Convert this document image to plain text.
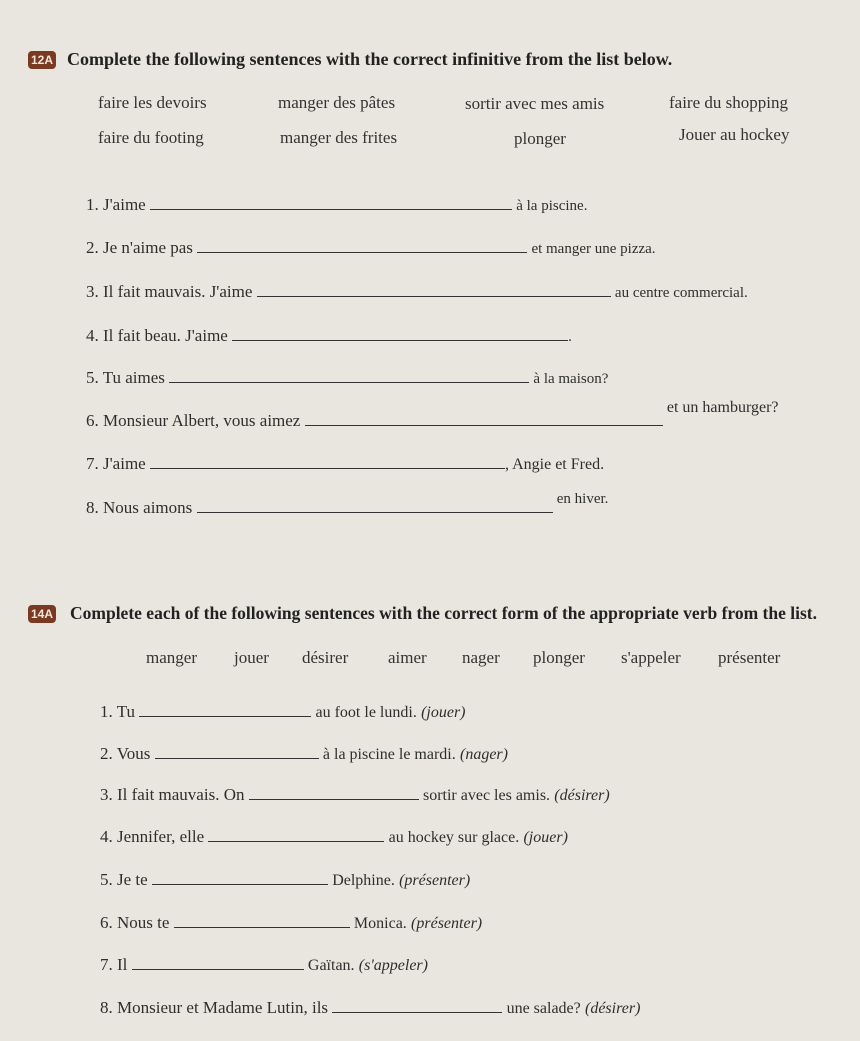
12A Complete the following sentences with the correct infinitive from the list below.
faire les devoirs	manger des pâtes	sortir avec mes amis	faire du shopping
faire du footing	manger des frites	plonger	Jouer au hockey
1. J'aime	à la piscine.
2. Je n'aime pas	et manger une pizza.
3. Il fait mauvais. J'aime	au centre commercial.
4. Il fait beau. J'aime	.
5. Tu aimes	à la maison?
6. Monsieur Albert, vous aimez  et un hamburger?
7. J'aime	, Angie et Fred.
8. Nous aimons	en hiver.
14A Complete each of the following sentences with the correct form of the appropriate verb from the list.
manger jouer désirer aimer nager plonger s'appeler présenter
1. Tu	au foot le lundi. (jouer)
2. Vous	à la piscine le mardi. (nager)
3. Il fait mauvais. On	sortir avec les amis. (désirer)
4. Jennifer, elle	au hockey sur glace. (jouer)
5. Je te	Delphine. (présenter)
6. Nous te	Monica. (présenter)
7. Il	Gaïtan. (s'appeler)
8. Monsieur et Madame Lutin, ils	une salade? (désirer)
